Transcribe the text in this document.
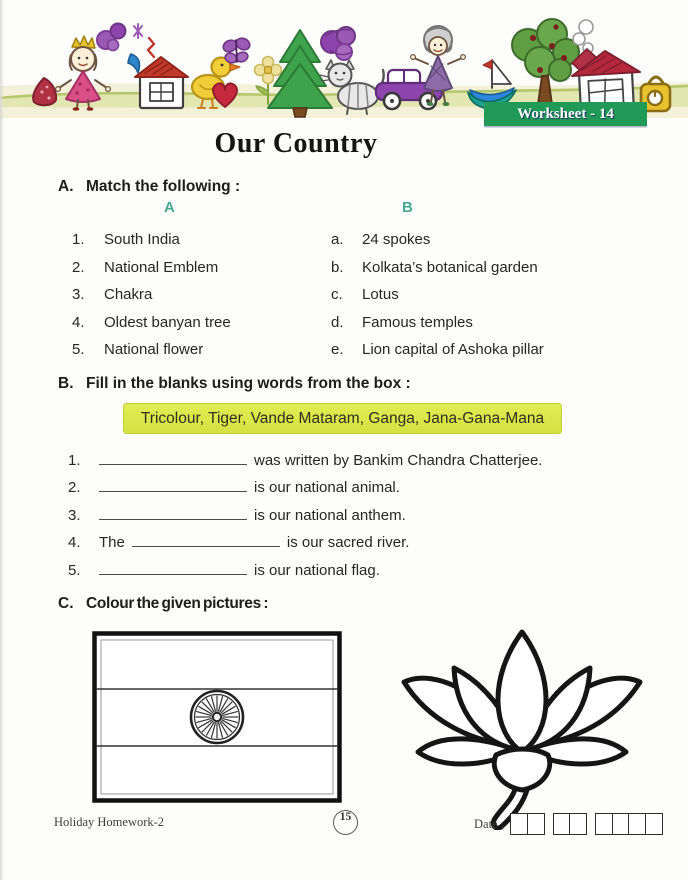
Worksheet - 14
Our Country
A. Match the following :
A	B
1. South India	a. 24 spokes
2. National Emblem	b. Kolkata’s botanical garden
3. Chakra	c. Lotus
4. Oldest banyan tree	d. Famous temples
5. National flower	e. Lion capital of Ashoka pillar
B. Fill in the blanks using words from the box :
Tricolour, Tiger, Vande Mataram, Ganga, Jana-Gana-Mana
1.	was written by Bankim Chandra Chatterjee.
2.	is our national animal.
3.	is our national anthem.
4. The	is our sacred river.
5.	is our national flag.
C. Colour the given pictures :
Holiday Homework-2	15	Date :
